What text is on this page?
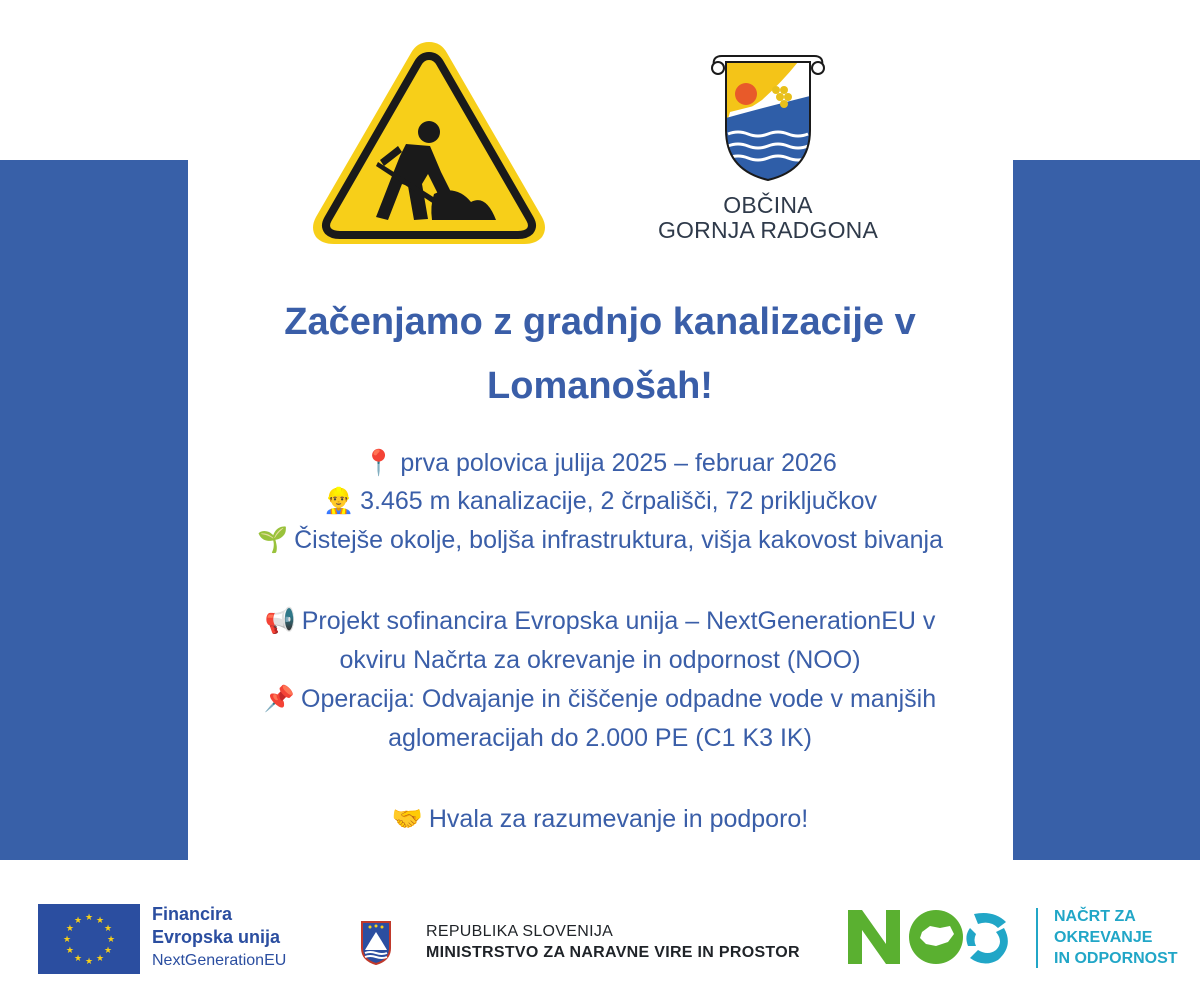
OBČINA
GORNJA RADGONA
Začenjamo z gradnjo kanalizacije v
Lomanošah!
📍 prva polovica julija 2025 – februar 2026
👷‍♂️ 3.465 m kanalizacije, 2 črpališči, 72 priključkov
🌱 Čistejše okolje, boljša infrastruktura, višja kakovost bivanja
📢 Projekt sofinancira Evropska unija – NextGenerationEU v
okviru Načrta za okrevanje in odpornost (NOO)
📌 Operacija: Odvajanje in čiščenje odpadne vode v manjših
aglomeracijah do 2.000 PE (C1 K3 IK)
🤝 Hvala za razumevanje in podporo!
★ ★
★
★
★
★
★
★
★
★
★
★	Financira
Evropska unija
NextGenerationEU
REPUBLIKA SLOVENIJA
MINISTRSTVO ZA NARAVNE VIRE IN PROSTOR
NAČRT ZA
OKREVANJE
IN ODPORNOST
